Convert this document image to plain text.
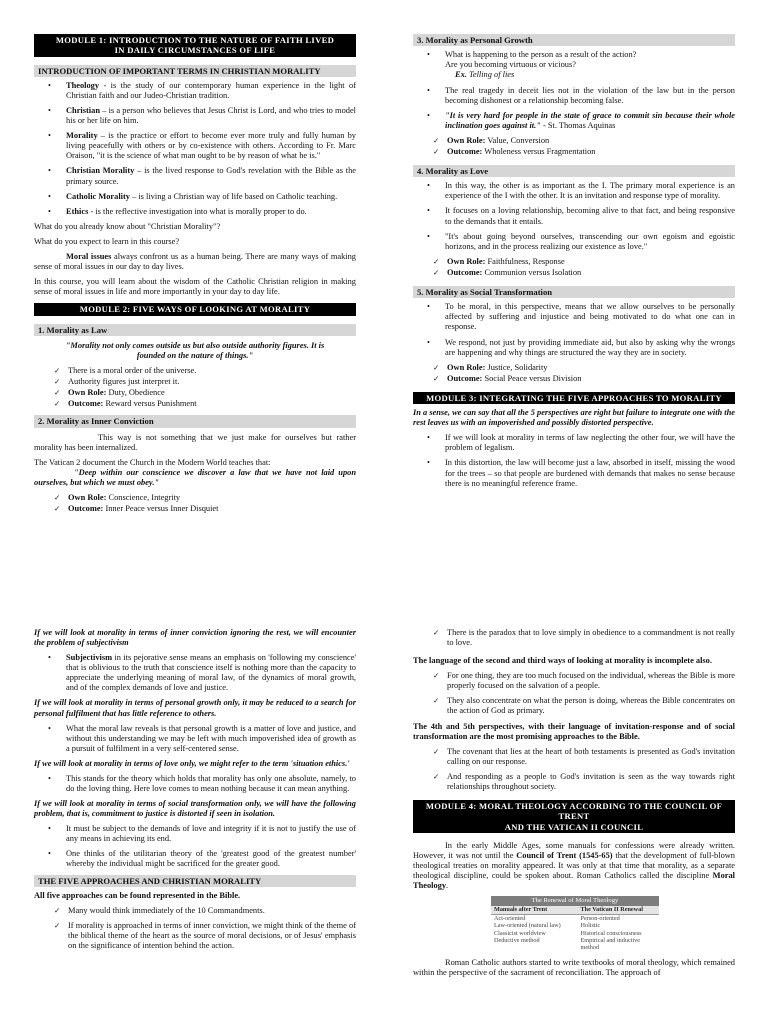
MODULE 1: INTRODUCTION TO THE NATURE OF FAITH LIVED
IN DAILY CIRCUMSTANCES OF LIFE
INTRODUCTION OF IMPORTANT TERMS IN CHRISTIAN MORALITY
• Theology - is the study of our contemporary human experience in the light of Christian faith and our Judeo-Christian tradition.
• Christian – is a person who believes that Jesus Christ is Lord, and who tries to model his or her life on him.
• Morality – is the practice or effort to become ever more truly and fully human by living peacefully with others or by co-existence with others. According to Fr. Marc Oraison, "it is the science of what man ought to be by reason of what he is."
• Christian Morality – is the lived response to God's revelation with the Bible as the primary source.
• Catholic Morality – is living a Christian way of life based on Catholic teaching.
• Ethics - is the reflective investigation into what is morally proper to do.

What do you already know about "Christian Morality"?

What do you expect to learn in this course?

Moral issues always confront us as a human being. There are many ways of making sense of moral issues in our day to day lives.

In this course, you will learn about the wisdom of the Catholic Christian religion in making sense of moral issues in life and more importantly in your day to day life.

MODULE 2: FIVE WAYS OF LOOKING AT MORALITY
1. Morality as Law

"Morality not only comes outside us but also outside authority figures. It is founded on the nature of things."

✓ There is a moral order of the universe.
✓ Authority figures just interpret it.
✓ Own Role: Duty, Obedience
✓ Outcome: Reward versus Punishment
2. Morality as Inner Conviction

This way is not something that we just make for ourselves but rather morality has been internalized.

The Vatican 2 document the Church in the Modern World teaches that:

"Deep within our conscience we discover a law that we have not laid upon ourselves, but which we must obey."

✓ Own Role: Conscience, Integrity
✓ Outcome: Inner Peace versus Inner Disquiet
3. Morality as Personal Growth
• What is happening to the person as a result of the action?
Are you becoming virtuous or vicious?
Ex. Telling of lies
• The real tragedy in deceit lies not in the violation of the law but in the person becoming dishonest or a relationship becoming false.
• "It is very hard for people in the state of grace to commit sin because their whole inclination goes against it." - St. Thomas Aquinas
✓ Own Role: Value, Conversion
✓ Outcome: Wholeness versus Fragmentation
4. Morality as Love
• In this way, the other is as important as the I. The primary moral experience is an experience of the I with the other. It is an invitation and response type of morality.
• It focuses on a loving relationship, becoming alive to that fact, and being responsive to the demands that it entails.
• "It's about going beyond ourselves, transcending our own egoism and egoistic horizons, and in the process realizing our existence as love."
✓ Own Role: Faithfulness, Response
✓ Outcome: Communion versus Isolation
5. Morality as Social Transformation
• To be moral, in this perspective, means that we allow ourselves to be personally affected by suffering and injustice and being motivated to do what one can in response.
• We respond, not just by providing immediate aid, but also by asking why the wrongs are happening and why things are structured the way they are in society.
✓ Own Role: Justice, Solidarity
✓ Outcome: Social Peace versus Division
MODULE 3: INTEGRATING THE FIVE APPROACHES TO MORALITY

In a sense, we can say that all the 5 perspectives are right but failure to integrate one with the rest leaves us with an impoverished and possibly distorted perspective.

• If we will look at morality in terms of law neglecting the other four, we will have the problem of legalism.
• In this distortion, the law will become just a law, absorbed in itself, missing the wood for the trees – so that people are burdened with demands that makes no sense because there is no meaningful reference frame.

If we will look at morality in terms of inner conviction ignoring the rest, we will encounter the problem of subjectivism

• Subjectivism in its pejorative sense means an emphasis on 'following my conscience' that is oblivious to the truth that conscience itself is nothing more than the capacity to appreciate the underlying meaning of moral law, of the dynamics of moral growth, and of the complex demands of love and justice.

If we will look at morality in terms of personal growth only, it may be reduced to a search for personal fulfilment that has little reference to others.

• What the moral law reveals is that personal growth is a matter of love and justice, and without this understanding we may be left with much impoverished idea of growth as a pursuit of fulfilment in a very self-centered sense.

If we will look at morality in terms of love only, we might refer to the term 'situation ethics.'

• This stands for the theory which holds that morality has only one absolute, namely, to do the loving thing. Here love comes to mean nothing because it can mean anything.

If we will look at morality in terms of social transformation only, we will have the following problem, that is, commitment to justice is distorted if seen in isolation.

• It must be subject to the demands of love and integrity if it is not to justify the use of any means in achieving its end.
• One thinks of the utilitarian theory of the 'greatest good of the greatest number' whereby the individual might be sacrificed for the greater good.
THE FIVE APPROACHES AND CHRISTIAN MORALITY

All five approaches can be found represented in the Bible.

✓ Many would think immediately of the 10 Commandments.
✓ If morality is approached in terms of inner conviction, we might think of the theme of the biblical theme of the heart as the source of moral decisions, or of Jesus' emphasis on the significance of intention behind the action.
✓ There is the paradox that to love simply in obedience to a commandment is not really to love.

The language of the second and third ways of looking at morality is incomplete also.

✓ For one thing, they are too much focused on the individual, whereas the Bible is more properly focused on the salvation of a people.
✓ They also concentrate on what the person is doing, whereas the Bible concentrates on the action of God as primary.

The 4th and 5th perspectives, with their language of invitation-response and of social transformation are the most promising approaches to the Bible.

✓ The covenant that lies at the heart of both testaments is presented as God's invitation calling on our response.
✓ And responding as a people to God's invitation is seen as the way towards right relationships throughout society.
MODULE 4: MORAL THEOLOGY ACCORDING TO THE COUNCIL OF TRENT
AND THE VATICAN II COUNCIL

In the early Middle Ages, some manuals for confessions were already written. However, it was not until the Council of Trent (1545-65) that the development of full-blown theological treaties on morality appeared. It was only at that time that morality, as a separate theological discipline, could be spoken about. Roman Catholics called the discipline Moral Theology.

The Renewal of Moral Theology	
Manuals after Trent	The Vatican II Renewal
Act-oriented	Person-oriented
Law-oriented (natural law)	Holistic
Classicist worldview	Historical consciousness
Deductive method	Empirical and inductive
	method

Roman Catholic authors started to write textbooks of moral theology, which remained within the perspective of the sacrament of reconciliation. The approach of
